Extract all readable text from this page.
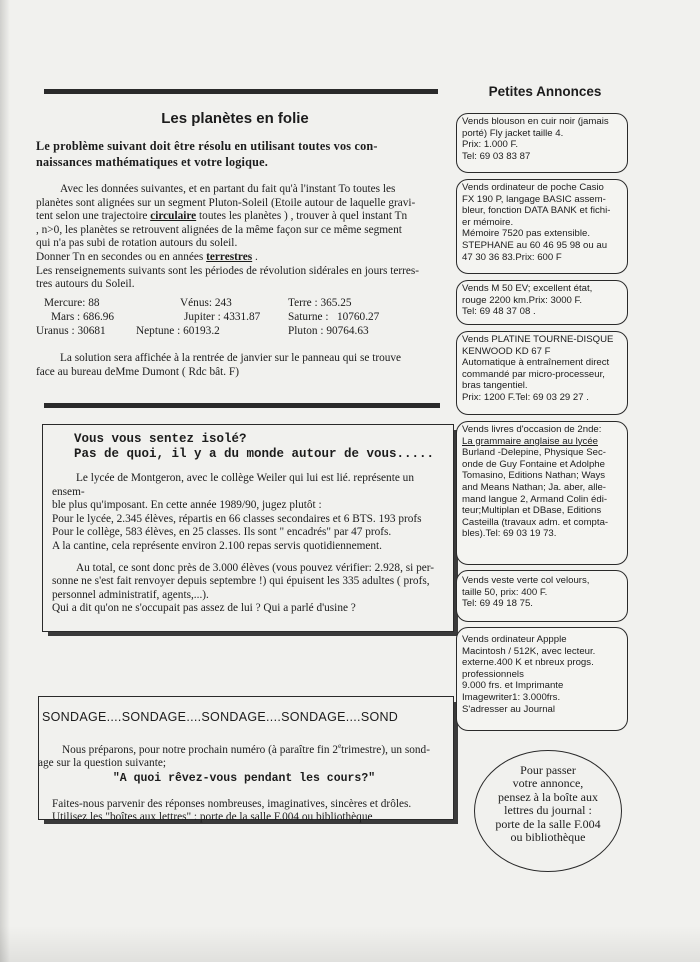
Les planètes en folie
Le problème suivant doit être résolu en utilisant toutes vos con-
naissances mathématiques et votre logique.

Avec les données suivantes, et en partant du fait qu'à l'instant To toutes les

planètes sont alignées sur un segment Pluton-Soleil (Etoile autour de laquelle gravi-

tent selon une trajectoire circulaire toutes les planètes ) , trouver à quel instant Tn

, n>0, les planètes se retrouvent alignées de la même façon sur ce même segment

qui n'a pas subi de rotation autours du soleil.

Donner Tn en secondes ou en années terrestres .

Les renseignements suivants sont les périodes de révolution sidérales en jours terres-

tres autours du Soleil.

Mercure: 88	Vénus: 243	Terre : 365.25
Mars : 686.96	Jupiter : 4331.87 Saturne :   10760.27
Uranus : 30681	Neptune : 60193.2	Pluton : 90764.63
La solution sera affichée à la rentrée de janvier sur le panneau qui se trouve
face au bureau deMme Dumont ( Rdc bât. F)
Vous vous sentez isolé?
Pas de quoi, il y a du monde autour de vous.....

Le lycée de Montgeron, avec le collège Weiler qui lui est lié. représente un ensem-
ble plus qu'imposant. En cette année 1989/90, jugez plutôt :
Pour le lycée, 2.345 élèves, répartis en 66 classes secondaires et 6 BTS. 193 profs
Pour le collège, 583 élèves, en 25 classes. Ils sont " encadrés" par 47 profs.
A la cantine, cela représente environ 2.100 repas servis quotidiennement.

Au total, ce sont donc près de 3.000 élèves (vous pouvez vérifier: 2.928, si per-
sonne ne s'est fait renvoyer depuis septembre !) qui épuisent les 335 adultes ( profs,
personnel administratif, agents,...).
Qui a dit qu'on ne s'occupait pas assez de lui ? Qui a parlé d'usine ?

SONDAGE....SONDAGE....SONDAGE....SONDAGE....SOND

Nous préparons, pour notre prochain numéro (à paraître fin 2etrimestre), un sond-

age sur la question suivante;

"A quoi rêvez-vous pendant les cours?"

Faites-nous parvenir des réponses nombreuses, imaginatives, sincères et drôles.

Utilisez les "boîtes aux lettres" : porte de la salle F.004 ou bibliothèque

Petites Annonces
Vends blouson en cuir noir (jamais
porté) Fly jacket taille 4.
Prix: 1.000 F.
Tel: 69 03 83 87
Vends ordinateur de poche Casio
FX 190 P, langage BASIC assem-
bleur, fonction DATA BANK et fichi-
er mémoire.
Mémoire 7520 pas extensible.
STEPHANE au 60 46 95 98 ou au
47 30 36 83.Prix: 600 F
Vends M 50 EV; excellent état,
rouge 2200 km.Prix: 3000 F.
Tel: 69 48 37 08 .
Vends PLATINE TOURNE-DISQUE
KENWOOD KD 67 F
Automatique à entraînement direct
commandé par micro-processeur,
bras tangentiel.
Prix: 1200 F.Tel: 69 03 29 27 .
Vends livres d'occasion de 2nde:
La grammaire anglaise au lycée
Burland -Delepine, Physique Sec-
onde de Guy Fontaine et Adolphe
Tomasino, Editions Nathan; Ways
and Means Nathan; Ja. aber, alle-
mand langue 2, Armand Colin édi-
teur;Multiplan et DBase, Editions
Casteilla (travaux adm. et compta-
bles).Tel: 69 03 19 73.
Vends veste verte col velours,
taille 50, prix: 400 F.
Tel: 69 49 18 75.
Vends ordinateur Appple
Macintosh / 512K, avec lecteur.
externe.400 K et nbreux progs.
professionnels
9.000 frs. et Imprimante
Imagewriter1: 3.000frs.
S'adresser au Journal
Pour passer
votre annonce,
pensez à la boîte aux
lettres du journal :
porte de la salle F.004
ou bibliothèque
